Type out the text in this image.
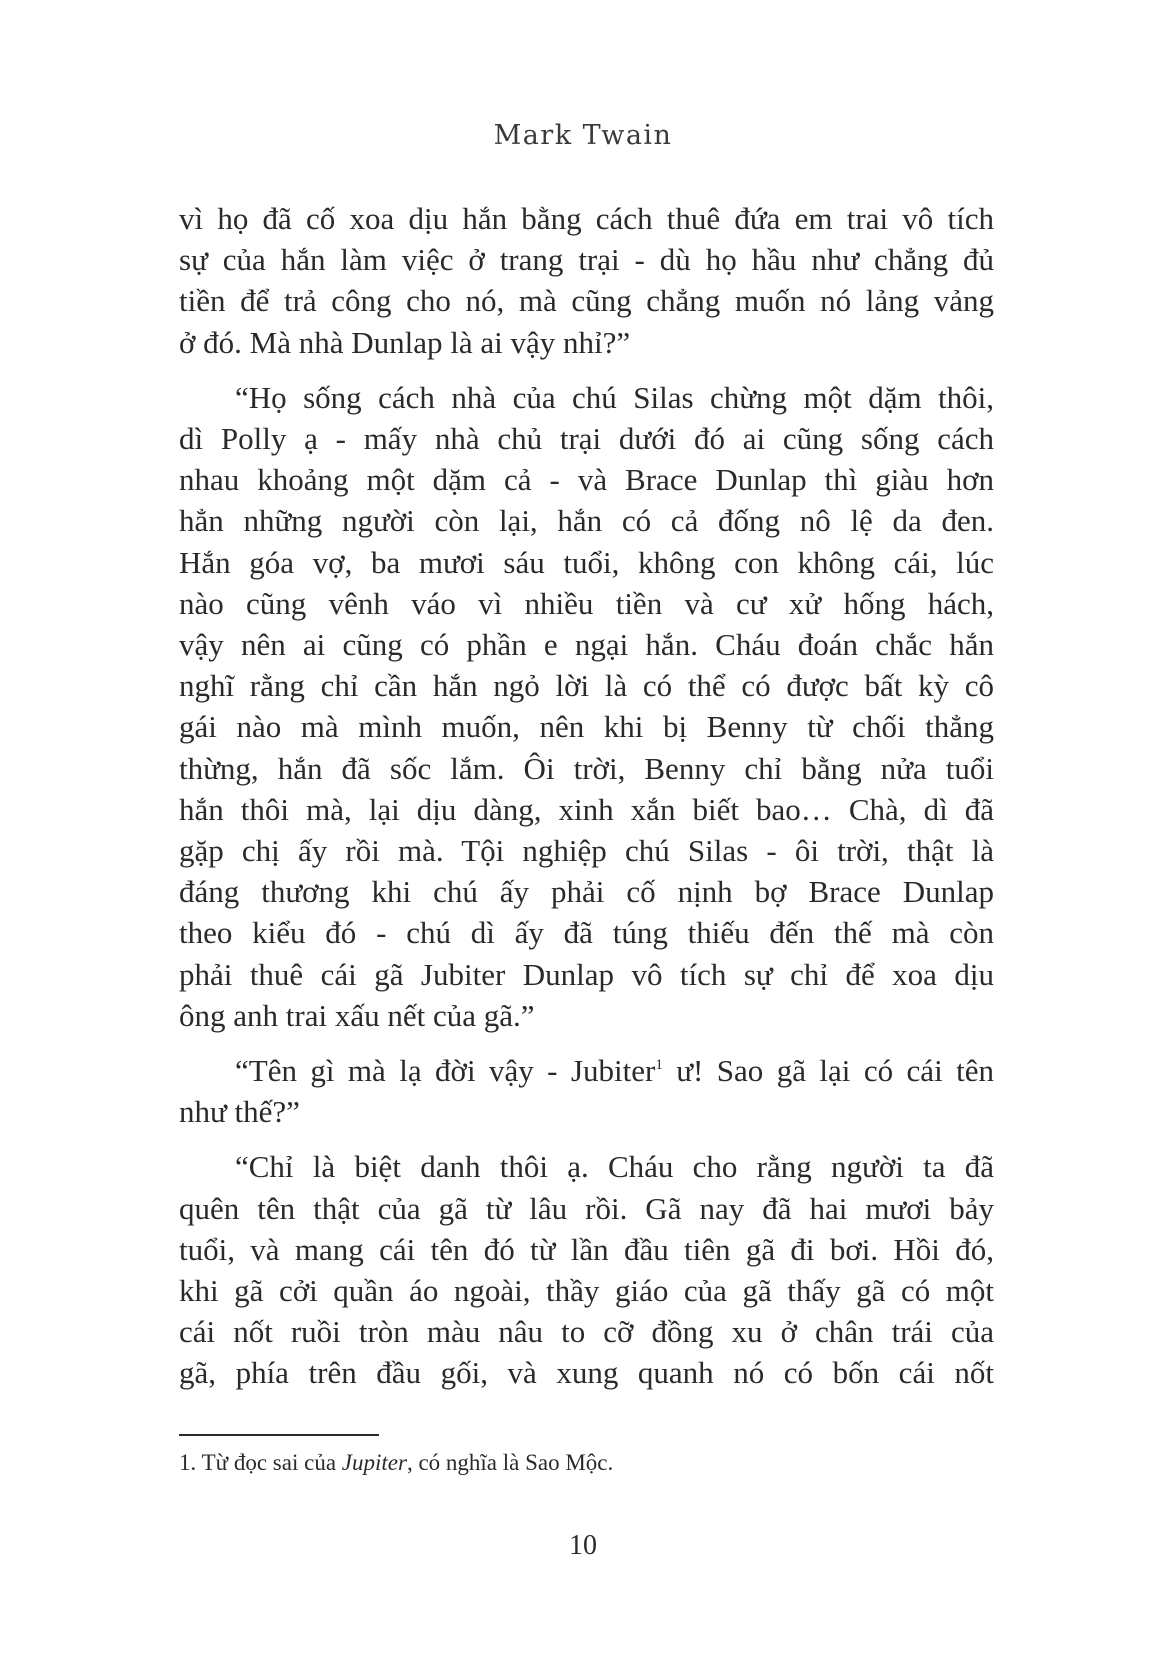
Mark Twain

vì họ đã cố xoa dịu hắn bằng cách thuê đứa em trai vô tích
sự của hắn làm việc ở trang trại - dù họ hầu như chẳng đủ
tiền để trả công cho nó, mà cũng chẳng muốn nó lảng vảng
ở đó. Mà nhà Dunlap là ai vậy nhỉ?”

“Họ sống cách nhà của chú Silas chừng một dặm thôi,
dì Polly ạ - mấy nhà chủ trại dưới đó ai cũng sống cách
nhau khoảng một dặm cả - và Brace Dunlap thì giàu hơn
hẳn những người còn lại, hắn có cả đống nô lệ da đen.
Hắn góa vợ, ba mươi sáu tuổi, không con không cái, lúc
nào cũng vênh váo vì nhiều tiền và cư xử hống hách,
vậy nên ai cũng có phần e ngại hắn. Cháu đoán chắc hắn
nghĩ rằng chỉ cần hắn ngỏ lời là có thể có được bất kỳ cô
gái nào mà mình muốn, nên khi bị Benny từ chối thẳng
thừng, hắn đã sốc lắm. Ôi trời, Benny chỉ bằng nửa tuổi
hắn thôi mà, lại dịu dàng, xinh xắn biết bao… Chà, dì đã
gặp chị ấy rồi mà. Tội nghiệp chú Silas - ôi trời, thật là
đáng thương khi chú ấy phải cố nịnh bợ Brace Dunlap
theo kiểu đó - chú dì ấy đã túng thiếu đến thế mà còn
phải thuê cái gã Jubiter Dunlap vô tích sự chỉ để xoa dịu
ông anh trai xấu nết của gã.”

“Tên gì mà lạ đời vậy - Jubiter$^1$ ư! Sao gã lại có cái tên
như thế?”

“Chỉ là biệt danh thôi ạ. Cháu cho rằng người ta đã
quên tên thật của gã từ lâu rồi. Gã nay đã hai mươi bảy
tuổi, và mang cái tên đó từ lần đầu tiên gã đi bơi. Hồi đó,
khi gã cởi quần áo ngoài, thầy giáo của gã thấy gã có một
cái nốt ruồi tròn màu nâu to cỡ đồng xu ở chân trái của
gã, phía trên đầu gối, và xung quanh nó có bốn cái nốt

1. Từ đọc sai của Jupiter, có nghĩa là Sao Mộc.
10
